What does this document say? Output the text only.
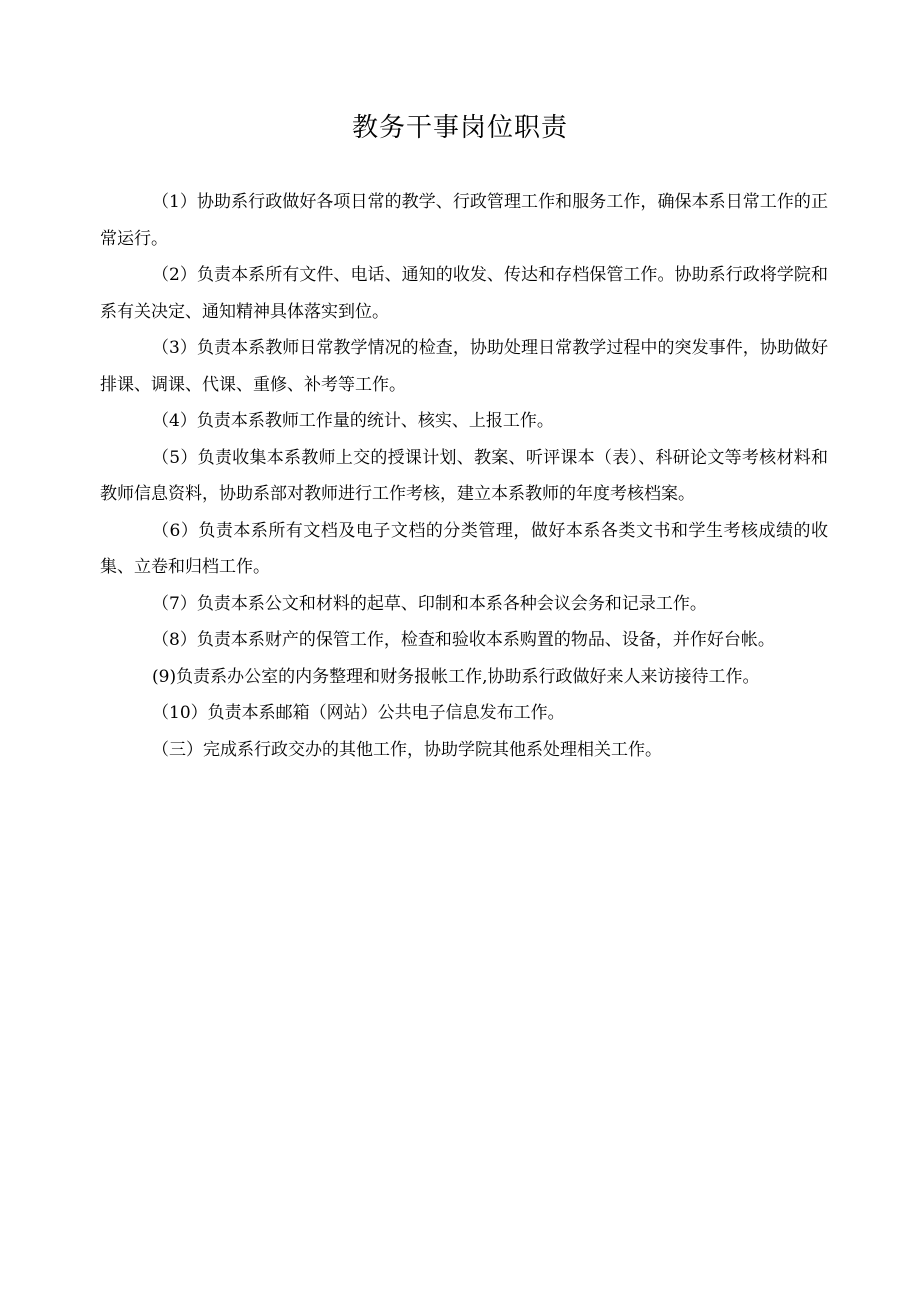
教务干事岗位职责

（1）协助系行政做好各项日常的教学、行政管理工作和服务工作，确保本系日常工作的正常运行。

（2）负责本系所有文件、电话、通知的收发、传达和存档保管工作。协助系行政将学院和系有关决定、通知精神具体落实到位。

（3）负责本系教师日常教学情况的检查，协助处理日常教学过程中的突发事件，协助做好排课、调课、代课、重修、补考等工作。

（4）负责本系教师工作量的统计、核实、上报工作。

（5）负责收集本系教师上交的授课计划、教案、听评课本（表）、科研论文等考核材料和教师信息资料，协助系部对教师进行工作考核，建立本系教师的年度考核档案。

（6）负责本系所有文档及电子文档的分类管理，做好本系各类文书和学生考核成绩的收集、立卷和归档工作。

（7）负责本系公文和材料的起草、印制和本系各种会议会务和记录工作。

（8）负责本系财产的保管工作，检查和验收本系购置的物品、设备，并作好台帐。

(9)负责系办公室的内务整理和财务报帐工作,协助系行政做好来人来访接待工作。

（10）负责本系邮箱（网站）公共电子信息发布工作。

（三）完成系行政交办的其他工作，协助学院其他系处理相关工作。
